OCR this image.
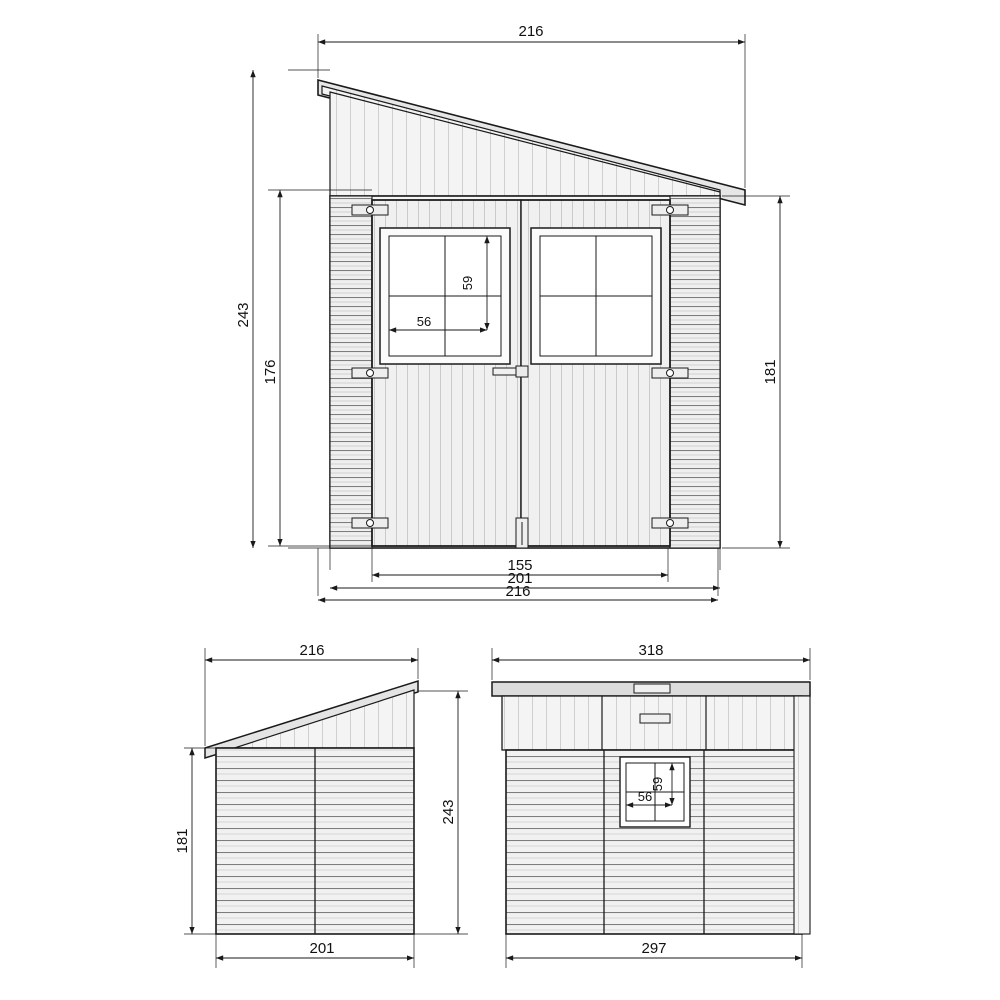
216
243
176	181
59
56
155
201
216
243
181
201
318
59
56
297
216
